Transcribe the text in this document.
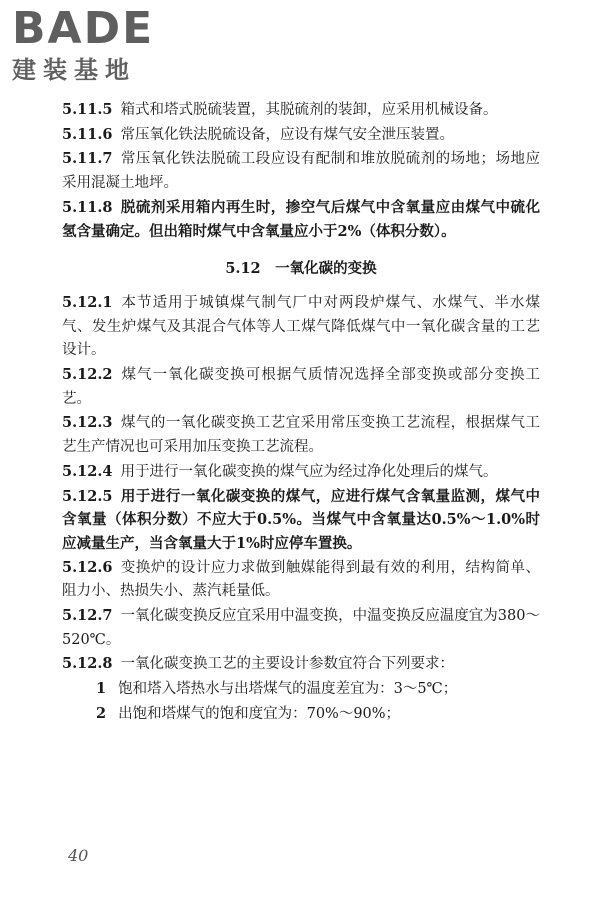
BADE
建装基地

5.11.5 箱式和塔式脱硫装置，其脱硫剂的装卸，应采用机械设备。

5.11.6 常压氧化铁法脱硫设备，应设有煤气安全泄压装置。

5.11.7 常压氧化铁法脱硫工段应设有配制和堆放脱硫剂的场地；场地应采用混凝土地坪。

5.11.8 脱硫剂采用箱内再生时，掺空气后煤气中含氧量应由煤气中硫化氢含量确定。但出箱时煤气中含氧量应小于2%（体积分数）。

5.12　一氧化碳的变换

5.12.1 本节适用于城镇煤气制气厂中对两段炉煤气、水煤气、半水煤气、发生炉煤气及其混合气体等人工煤气降低煤气中一氧化碳含量的工艺设计。

5.12.2 煤气一氧化碳变换可根据气质情况选择全部变换或部分变换工艺。

5.12.3 煤气的一氧化碳变换工艺宜采用常压变换工艺流程，根据煤气工艺生产情况也可采用加压变换工艺流程。

5.12.4 用于进行一氧化碳变换的煤气应为经过净化处理后的煤气。

5.12.5 用于进行一氧化碳变换的煤气，应进行煤气含氧量监测，煤气中含氧量（体积分数）不应大于0.5%。当煤气中含氧量达0.5%～1.0%时应减量生产，当含氧量大于1%时应停车置换。

5.12.6 变换炉的设计应力求做到触媒能得到最有效的利用，结构简单、阻力小、热损失小、蒸汽耗量低。

5.12.7 一氧化碳变换反应宜采用中温变换，中温变换反应温度宜为380～520℃。

5.12.8 一氧化碳变换工艺的主要设计参数宜符合下列要求：

1 饱和塔入塔热水与出塔煤气的温度差宜为：3～5℃；

2 出饱和塔煤气的饱和度宜为：70%～90%；

40
